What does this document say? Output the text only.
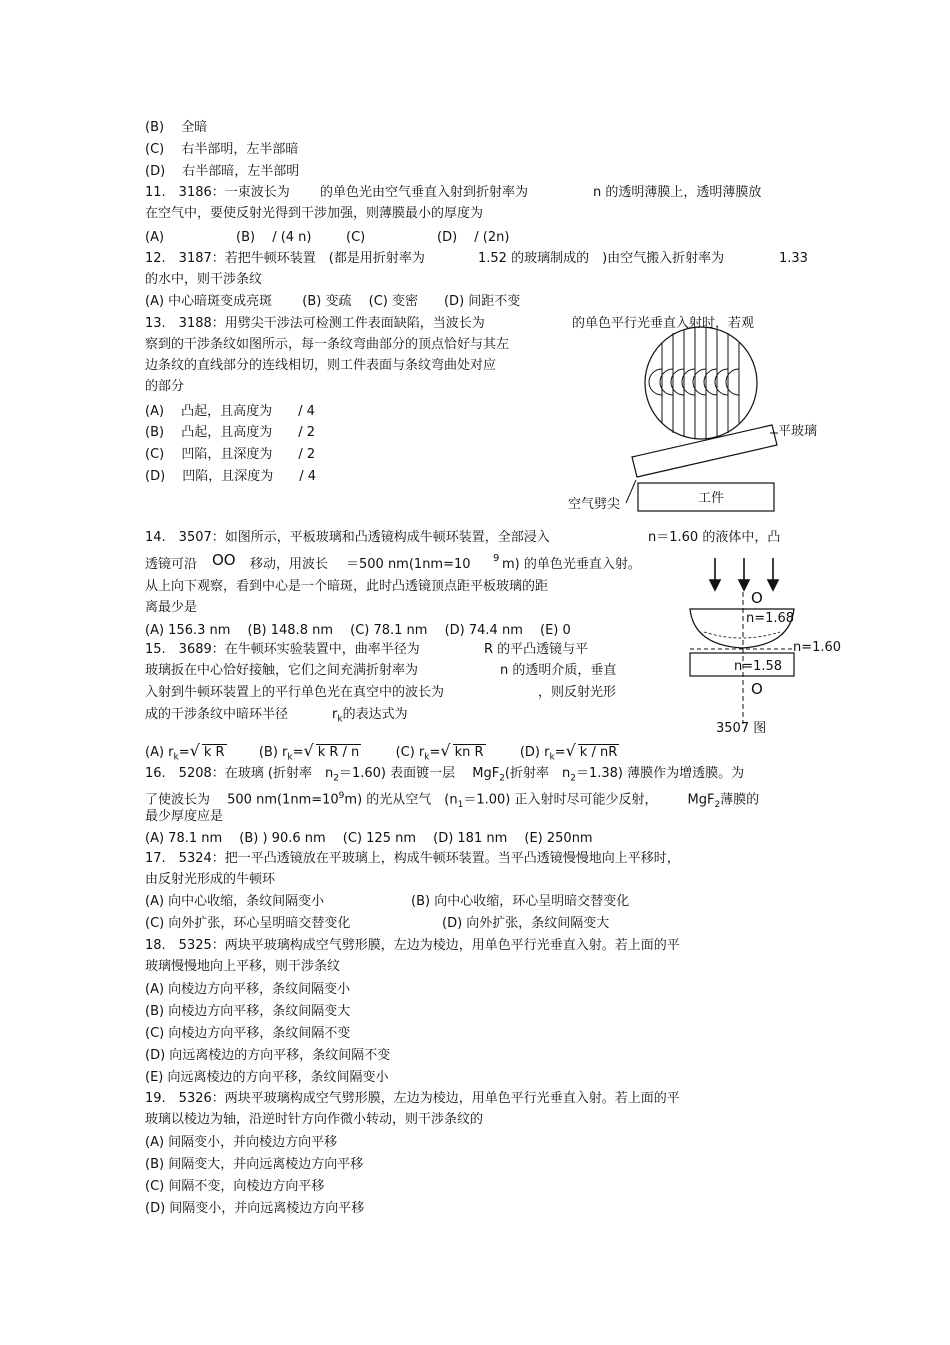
(B)　 全暗
(C)　 右半部明，左半部暗
(D)　 右半部暗，左半部明
11.　3186：一束波长为 的单色光由空气垂直入射到折射率为	n 的透明薄膜上，透明薄膜放
在空气中，要使反射光得到干涉加强，则薄膜最小的厚度为
(A)	(B)　 / (4 n)	(C)	(D)　 / (2n)
12.　3187：若把牛顿环装置　(都是用折射率为	1.52 的玻璃制成的　)由空气搬入折射率为	1.33
的水中，则干涉条纹
(A) 中心暗斑变成亮斑　　 (B) 变疏　 (C) 变密　　(D) 间距不变
13.　3188：用劈尖干涉法可检测工件表面缺陷，当波长为	的单色平行光垂直入射时，若观
察到的干涉条纹如图所示，每一条纹弯曲部分的顶点恰好与其左
边条纹的直线部分的连线相切，则工件表面与条纹弯曲处对应
的部分
(A)　 凸起，且高度为　　/ 4
(B)　 凸起，且高度为　　/ 2
(C)　 凹陷，且深度为　　/ 2
(D)　 凹陷，且深度为　　/ 4
平玻璃
工件
空气劈尖
14.　3507：如图所示，平板玻璃和凸透镜构成牛顿环装置，全部浸入	n＝1.60 的液体中，凸
透镜可沿 OO 移动，用波长 ＝500 nm(1nm=10 9 m) 的单色光垂直入射。
从上向下观察，看到中心是一个暗斑，此时凸透镜顶点距平板玻璃的距
离最少是
(A) 156.3 nm　 (B) 148.8 nm　 (C) 78.1 nm　 (D) 74.4 nm　 (E) 0
15.　3689：在牛顿环实验装置中，曲率半径为	R 的平凸透镜与平
玻璃扳在中心恰好接触，它们之间充满折射率为	n 的透明介质，垂直
入射到牛顿环装置上的平行单色光在真空中的波长为	，则反射光形
成的干涉条纹中暗环半径	$r_k$的表达式为
O
n=1.68
n=1.58
n=1.60
O
3507 图
(A) $r_k=√$ k R	(B) $r_k=√$ k R / n	(C) $r_k=√$ kn R	(D) $r_k=√$ k / nR
16.　5208：在玻璃 (折射率　$n_2=1.60$) 表面镀一层　 MgF$_2$(折射率　$n_2=1.38$) 薄膜作为增透膜。为
了使波长为　 500 $nm(1nm=10^9m)$ 的光从空气　$(n_1=1.00)$ 正入射时尽可能少反射， MgF$_2$薄膜的
最少厚度应是
(A) 78.1 nm　 (B) ) 90.6 nm　 (C) 125 nm　 (D) 181 nm　 (E) 250nm
17.　5324：把一平凸透镜放在平玻璃上，构成牛顿环装置。当平凸透镜慢慢地向上平移时，
由反射光形成的牛顿环
(A) 向中心收缩，条纹间隔变小	(B) 向中心收缩，环心呈明暗交替变化
(C) 向外扩张，环心呈明暗交替变化	(D) 向外扩张，条纹间隔变大
18.　5325：两块平玻璃构成空气劈形膜，左边为棱边，用单色平行光垂直入射。若上面的平
玻璃慢慢地向上平移，则干涉条纹
(A) 向棱边方向平移，条纹间隔变小
(B) 向棱边方向平移，条纹间隔变大
(C) 向棱边方向平移，条纹间隔不变
(D) 向远离棱边的方向平移，条纹间隔不变
(E) 向远离棱边的方向平移，条纹间隔变小
19.　5326：两块平玻璃构成空气劈形膜，左边为棱边，用单色平行光垂直入射。若上面的平
玻璃以棱边为轴，沿逆时针方向作微小转动，则干涉条纹的
(A) 间隔变小，并向棱边方向平移
(B) 间隔变大，并向远离棱边方向平移
(C) 间隔不变，向棱边方向平移
(D) 间隔变小，并向远离棱边方向平移
